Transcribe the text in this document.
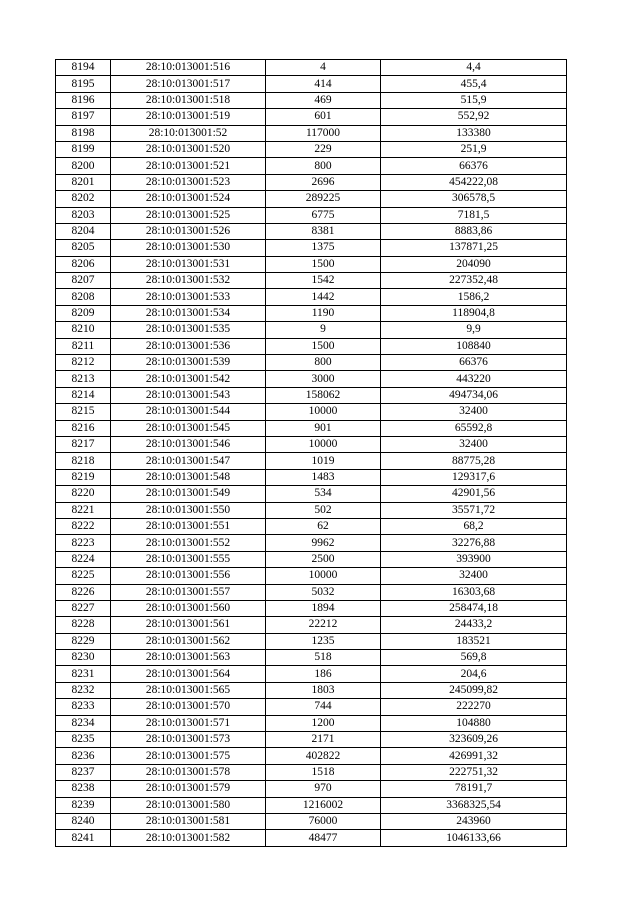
8194	28:10:013001:516	4	4,4
8195	28:10:013001:517	414	455,4
8196	28:10:013001:518	469	515,9
8197	28:10:013001:519	601	552,92
8198	28:10:013001:52	117000	133380
8199	28:10:013001:520	229	251,9
8200	28:10:013001:521	800	66376
8201	28:10:013001:523	2696	454222,08
8202	28:10:013001:524	289225	306578,5
8203	28:10:013001:525	6775	7181,5
8204	28:10:013001:526	8381	8883,86
8205	28:10:013001:530	1375	137871,25
8206	28:10:013001:531	1500	204090
8207	28:10:013001:532	1542	227352,48
8208	28:10:013001:533	1442	1586,2
8209	28:10:013001:534	1190	118904,8
8210	28:10:013001:535	9	9,9
8211	28:10:013001:536	1500	108840
8212	28:10:013001:539	800	66376
8213	28:10:013001:542	3000	443220
8214	28:10:013001:543	158062	494734,06
8215	28:10:013001:544	10000	32400
8216	28:10:013001:545	901	65592,8
8217	28:10:013001:546	10000	32400
8218	28:10:013001:547	1019	88775,28
8219	28:10:013001:548	1483	129317,6
8220	28:10:013001:549	534	42901,56
8221	28:10:013001:550	502	35571,72
8222	28:10:013001:551	62	68,2
8223	28:10:013001:552	9962	32276,88
8224	28:10:013001:555	2500	393900
8225	28:10:013001:556	10000	32400
8226	28:10:013001:557	5032	16303,68
8227	28:10:013001:560	1894	258474,18
8228	28:10:013001:561	22212	24433,2
8229	28:10:013001:562	1235	183521
8230	28:10:013001:563	518	569,8
8231	28:10:013001:564	186	204,6
8232	28:10:013001:565	1803	245099,82
8233	28:10:013001:570	744	222270
8234	28:10:013001:571	1200	104880
8235	28:10:013001:573	2171	323609,26
8236	28:10:013001:575	402822	426991,32
8237	28:10:013001:578	1518	222751,32
8238	28:10:013001:579	970	78191,7
8239	28:10:013001:580	1216002	3368325,54
8240	28:10:013001:581	76000	243960
8241	28:10:013001:582	48477	1046133,66
